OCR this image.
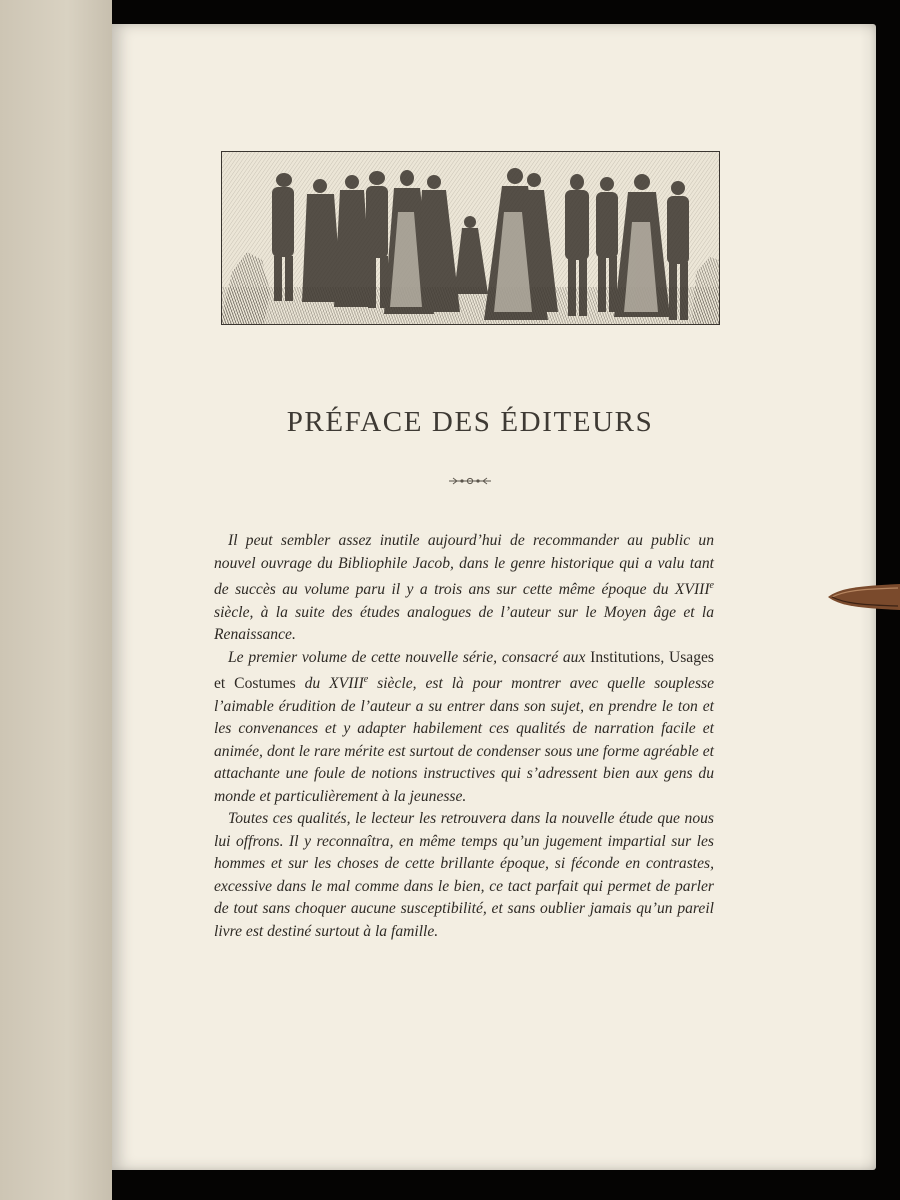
PRÉFACE DES ÉDITEURS

Il peut sembler assez inutile aujourd’hui de recommander au public un nouvel ouvrage du Bibliophile Jacob, dans le genre historique qui a valu tant de succès au volume paru il y a trois ans sur cette même époque du XVIIIe siècle, à la suite des études analogues de l’auteur sur le Moyen âge et la Renaissance.

Le premier volume de cette nouvelle série, consacré aux Institutions, Usages et Costumes du XVIIIe siècle, est là pour montrer avec quelle souplesse l’aimable érudition de l’auteur a su entrer dans son sujet, en prendre le ton et les convenances et y adapter habilement ces qualités de narration facile et animée, dont le rare mérite est surtout de condenser sous une forme agréable et attachante une foule de notions instructives qui s’adressent bien aux gens du monde et particulièrement à la jeunesse.

Toutes ces qualités, le lecteur les retrouvera dans la nouvelle étude que nous lui offrons. Il y reconnaîtra, en même temps qu’un jugement impartial sur les hommes et sur les choses de cette brillante époque, si féconde en contrastes, excessive dans le mal comme dans le bien, ce tact parfait qui permet de parler de tout sans choquer aucune susceptibilité, et sans oublier jamais qu’un pareil livre est destiné surtout à la famille.
